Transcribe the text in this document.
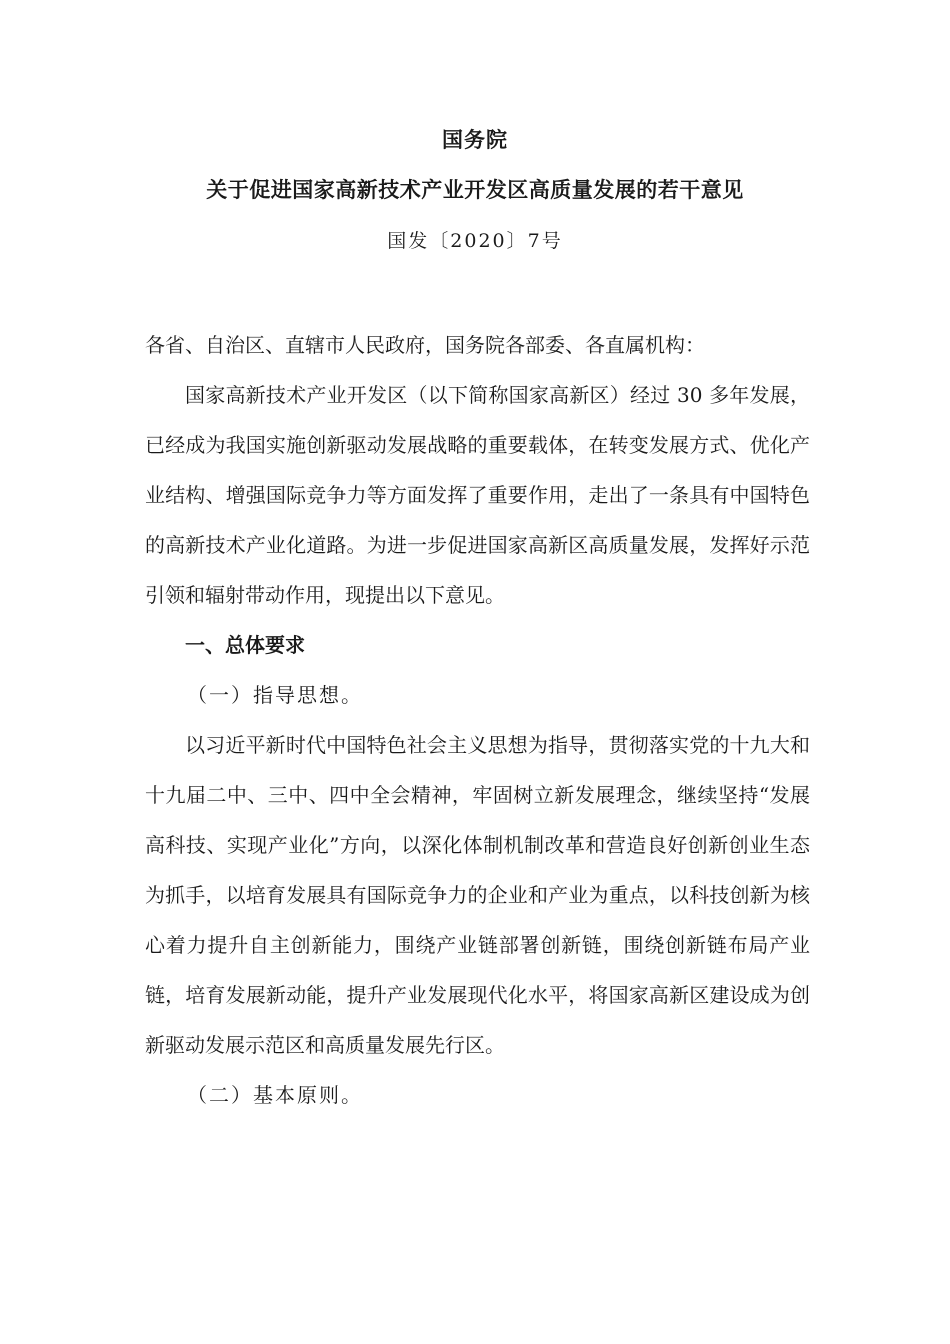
国务院
关于促进国家高新技术产业开发区高质量发展的若干意见
国发〔2020〕7号

各省、自治区、直辖市人民政府，国务院各部委、各直属机构：

国家高新技术产业开发区（以下简称国家高新区）经过 30 多年发展，已经成为我国实施创新驱动发展战略的重要载体，在转变发展方式、优化产业结构、增强国际竞争力等方面发挥了重要作用，走出了一条具有中国特色的高新技术产业化道路。为进一步促进国家高新区高质量发展，发挥好示范引领和辐射带动作用，现提出以下意见。

一、总体要求

（一）指导思想。

以习近平新时代中国特色社会主义思想为指导，贯彻落实党的十九大和十九届二中、三中、四中全会精神，牢固树立新发展理念，继续坚持“发展高科技、实现产业化”方向，以深化体制机制改革和营造良好创新创业生态为抓手，以培育发展具有国际竞争力的企业和产业为重点，以科技创新为核心着力提升自主创新能力，围绕产业链部署创新链，围绕创新链布局产业链，培育发展新动能，提升产业发展现代化水平，将国家高新区建设成为创新驱动发展示范区和高质量发展先行区。

（二）基本原则。
